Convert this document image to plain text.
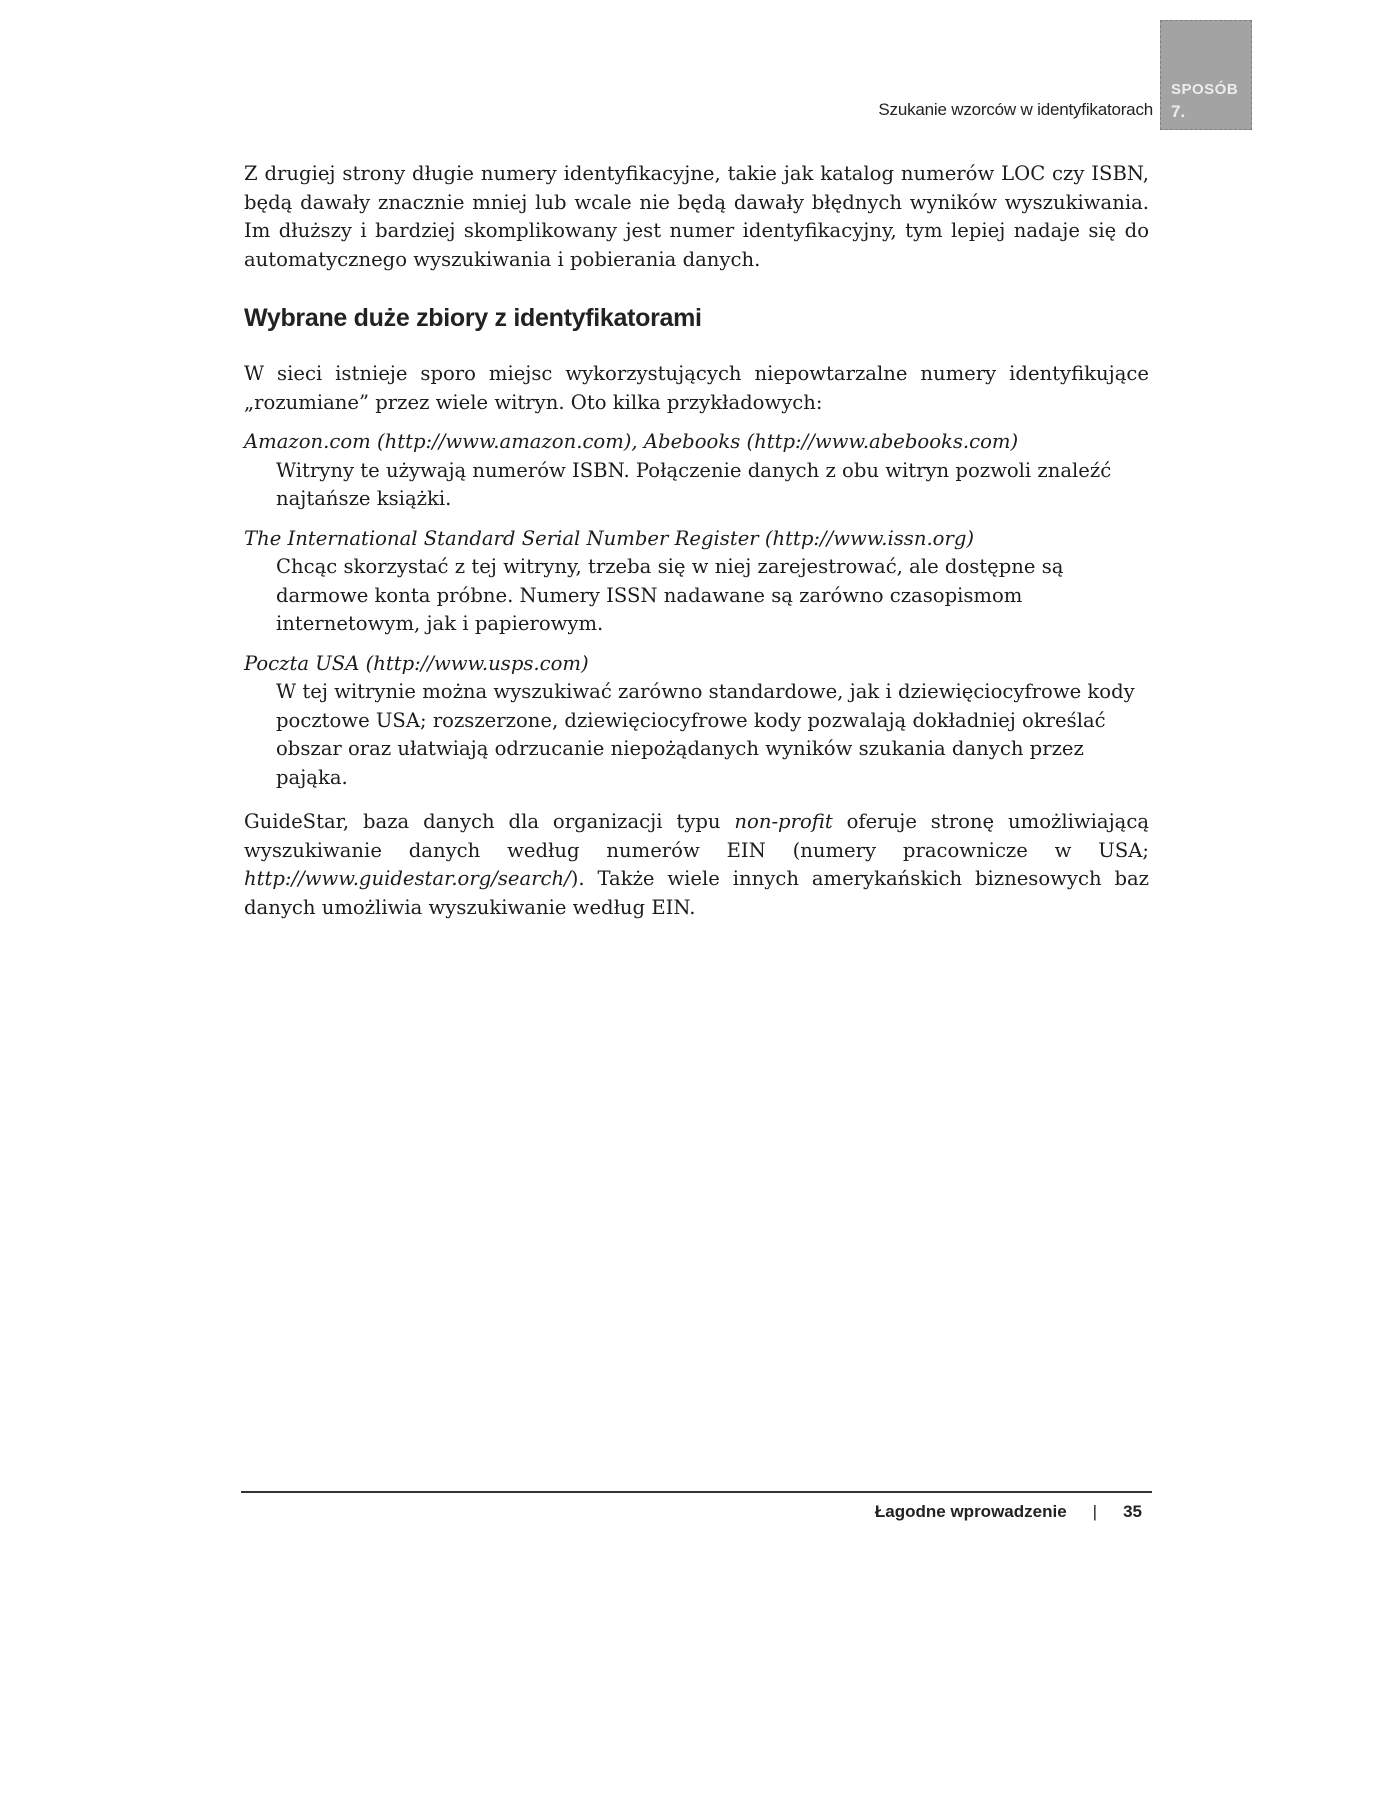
Szukanie wzorców w identyfikatorach
SPOSÓB
7.

Z drugiej strony długie numery identyfikacyjne, takie jak katalog numerów LOC czy ISBN, będą dawały znacznie mniej lub wcale nie będą dawały błędnych wyników wyszukiwania. Im dłuższy i bardziej skomplikowany jest numer identyfikacyjny, tym lepiej nadaje się do automatycznego wyszukiwania i pobierania danych.

Wybrane duże zbiory z identyfikatorami

W sieci istnieje sporo miejsc wykorzystujących niepowtarzalne numery identyfikujące „rozumiane” przez wiele witryn. Oto kilka przykładowych:

Amazon.com (http://www.amazon.com), Abebooks (http://www.abebooks.com)
Witryny te używają numerów ISBN. Połączenie danych z obu witryn pozwoli znaleźć najtańsze książki.
The International Standard Serial Number Register (http://www.issn.org)
Chcąc skorzystać z tej witryny, trzeba się w niej zarejestrować, ale dostępne są darmowe konta próbne. Numery ISSN nadawane są zarówno czasopismom internetowym, jak i papierowym.
Poczta USA (http://www.usps.com)
W tej witrynie można wyszukiwać zarówno standardowe, jak i dziewięciocyfrowe kody pocztowe USA; rozszerzone, dziewięciocyfrowe kody pozwalają dokładniej określać obszar oraz ułatwiają odrzucanie niepożądanych wyników szukania danych przez pająka.

GuideStar, baza danych dla organizacji typu non-profit oferuje stronę umożliwiającą wyszukiwanie danych według numerów EIN (numery pracownicze w USA; http://www.guidestar.org/search/). Także wiele innych amerykańskich biznesowych baz danych umożliwia wyszukiwanie według EIN.

Łagodne wprowadzenie | 35
